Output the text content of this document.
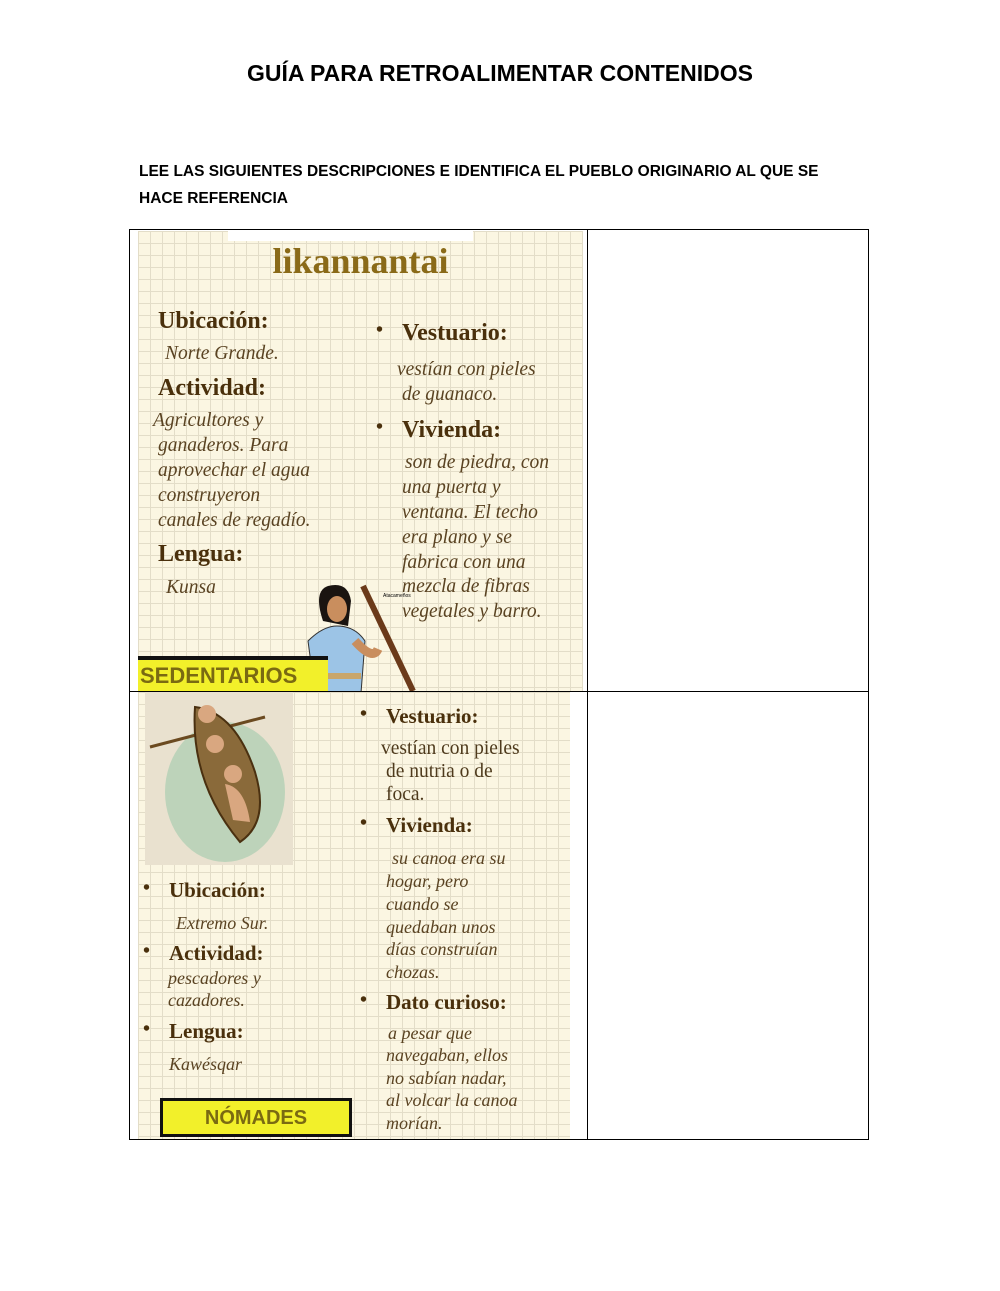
GUÍA PARA RETROALIMENTAR CONTENIDOS
LEE LAS SIGUIENTES DESCRIPCIONES E IDENTIFICA EL PUEBLO ORIGINARIO AL QUE SE HACE REFERENCIA
likannantai
Ubicación:
Norte Grande.
Actividad:
Agricultores y
ganaderos. Para
aprovechar el agua
construyeron
canales de regadío.
Lengua:
Kunsa
• Vestuario:
vestían con pieles
de guanaco.
• Vivienda:
son de piedra, con
una puerta y
ventana. El techo
era plano y se
fabrica con una
mezcla de fibras
vegetales y barro.
Atacameños
SEDENTARIOS
• Vestuario:
vestían con pieles
de nutria o de
foca.
• Vivienda:
su canoa era su
hogar, pero
cuando se
quedaban unos
días construían
chozas.
• Dato curioso:
a pesar que
navegaban, ellos
no sabían nadar,
al volcar la canoa
morían.
• Ubicación:
Extremo Sur.
• Actividad:
pescadores y
cazadores.
• Lengua:
Kawésqar
NÓMADES
